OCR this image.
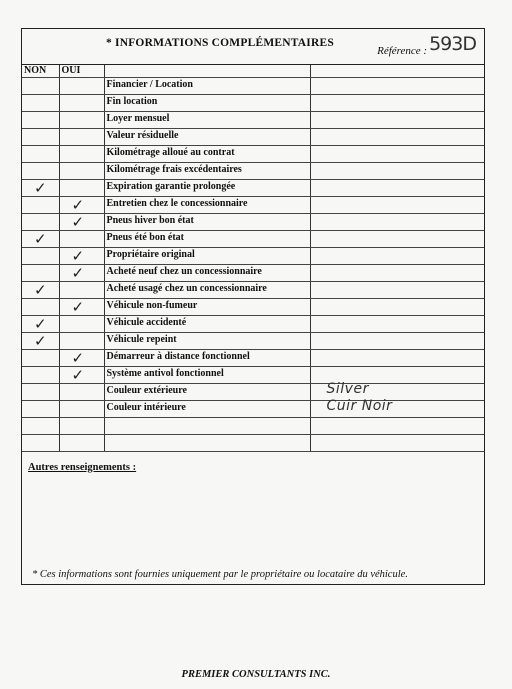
* INFORMATIONS COMPLÉMENTAIRES
Référence : 593D
NON	OUI		
		Financier / Location	
		Fin location	
		Loyer mensuel	
		Valeur résiduelle	
		Kilométrage alloué au contrat	
		Kilométrage frais excédentaires	

✓		Expiration garantie prolongée	

	✓	Entretien chez le concessionnaire	

	✓	Pneus hiver bon état	

✓		Pneus été bon état	

	✓	Propriétaire original	

	✓	Acheté neuf chez un concessionnaire	

✓		Acheté usagé chez un concessionnaire	

	✓	Véhicule non-fumeur	

✓		Véhicule accidenté	

✓		Véhicule repeint	

	✓	Démarreur à distance fonctionnel	

	✓	Système antivol fonctionnel	
		Couleur extérieure	Silver

		Couleur intérieure	Cuir Noir

Autres renseignements :
* Ces informations sont fournies uniquement par le propriétaire ou locataire du véhicule.
PREMIER CONSULTANTS INC.
